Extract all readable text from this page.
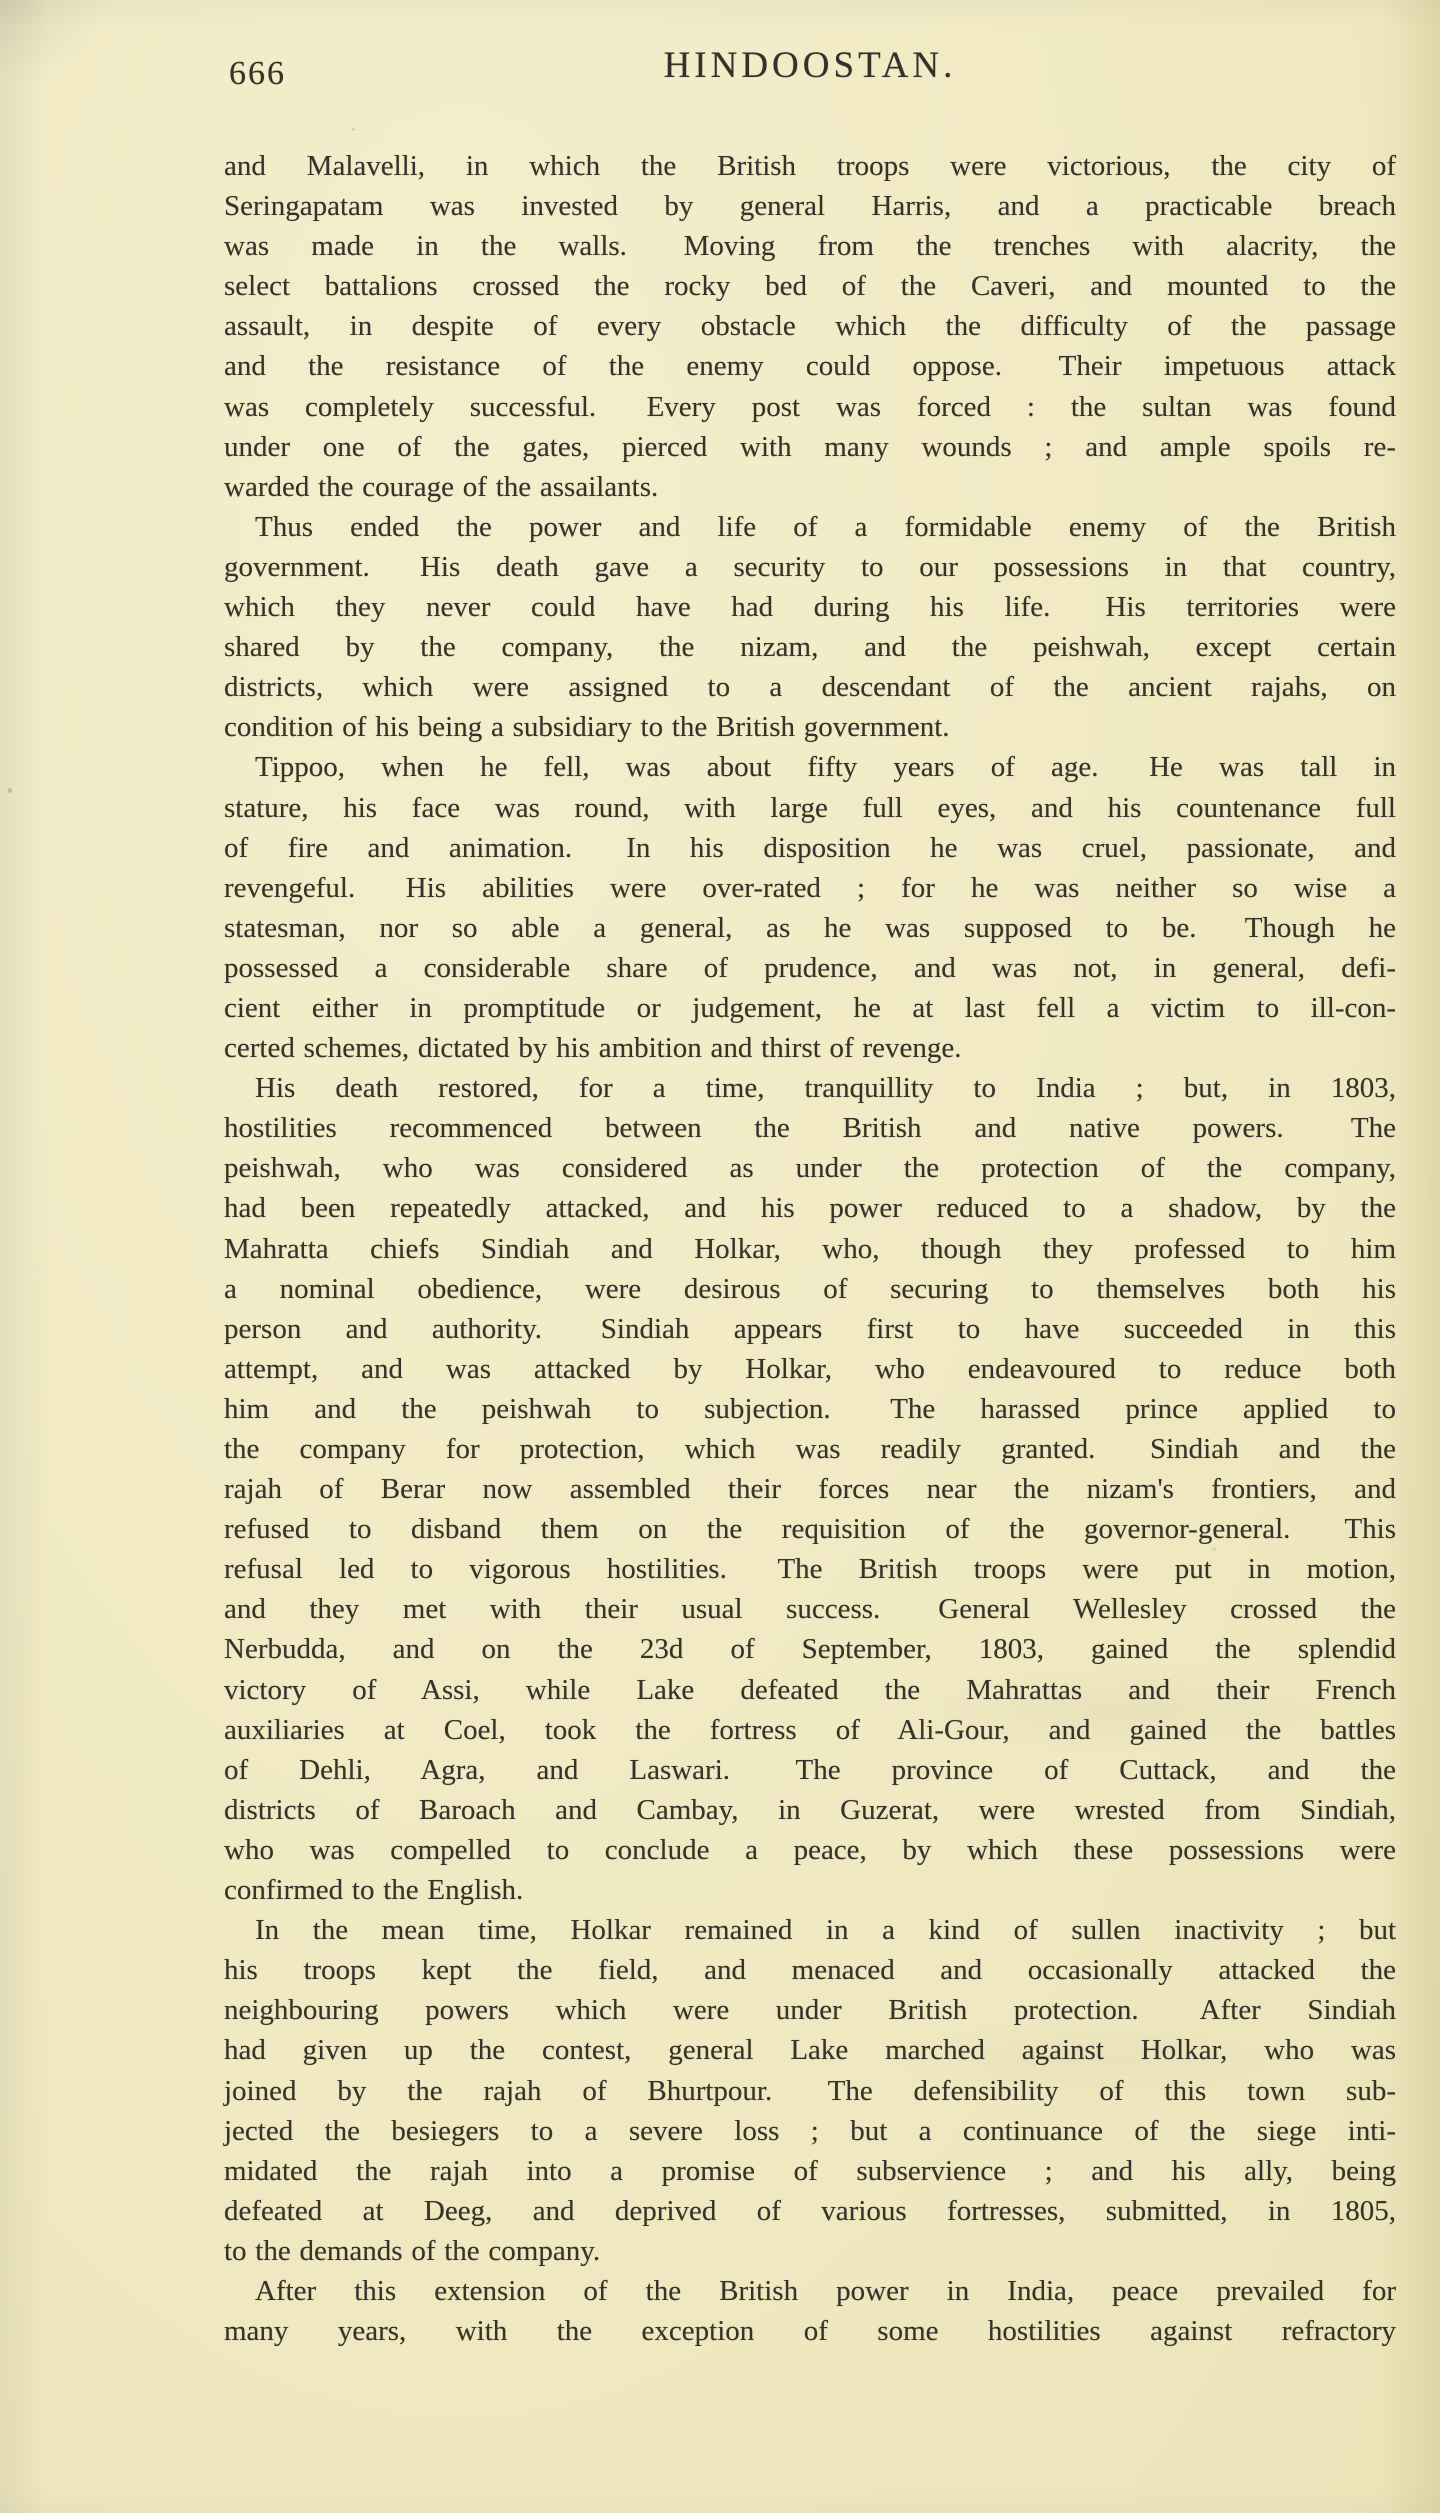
666	HINDOOSTAN.
and Malavelli, in which the British troops were victorious, the city of
Seringapatam was invested by general Harris, and a practicable breach
was made in the walls.  Moving from the trenches with alacrity, the
select battalions crossed the rocky bed of the Caveri, and mounted to the
assault, in despite of every obstacle which the difficulty of the passage
and the resistance of the enemy could oppose.  Their impetuous attack
was completely successful.  Every post was forced : the sultan was found
under one of the gates, pierced with many wounds ; and ample spoils re-
warded the courage of the assailants.
Thus ended the power and life of a formidable enemy of the British
government.  His death gave a security to our possessions in that country,
which they never could have had during his life.  His territories were
shared by the company, the nizam, and the peishwah, except certain
districts, which were assigned to a descendant of the ancient rajahs, on
condition of his being a subsidiary to the British government.
Tippoo, when he fell, was about fifty years of age.  He was tall in
stature, his face was round, with large full eyes, and his countenance full
of fire and animation.  In his disposition he was cruel, passionate, and
revengeful.  His abilities were over-rated ; for he was neither so wise a
statesman, nor so able a general, as he was supposed to be.  Though he
possessed a considerable share of prudence, and was not, in general, defi-
cient either in promptitude or judgement, he at last fell a victim to ill-con-
certed schemes, dictated by his ambition and thirst of revenge.
His death restored, for a time, tranquillity to India ; but, in 1803,
hostilities recommenced between the British and native powers.  The
peishwah, who was considered as under the protection of the company,
had been repeatedly attacked, and his power reduced to a shadow, by the
Mahratta chiefs Sindiah and Holkar, who, though they professed to him
a nominal obedience, were desirous of securing to themselves both his
person and authority.  Sindiah appears first to have succeeded in this
attempt, and was attacked by Holkar, who endeavoured to reduce both
him and the peishwah to subjection.  The harassed prince applied to
the company for protection, which was readily granted.  Sindiah and the
rajah of Berar now assembled their forces near the nizam's frontiers, and
refused to disband them on the requisition of the governor-general.  This
refusal led to vigorous hostilities.  The British troops were put in motion,
and they met with their usual success.  General Wellesley crossed the
Nerbudda, and on the 23d of September, 1803, gained the splendid
victory of Assi, while Lake defeated the Mahrattas and their French
auxiliaries at Coel, took the fortress of Ali-Gour, and gained the battles
of Dehli, Agra, and Laswari.  The province of Cuttack, and the
districts of Baroach and Cambay, in Guzerat, were wrested from Sindiah,
who was compelled to conclude a peace, by which these possessions were
confirmed to the English.
In the mean time, Holkar remained in a kind of sullen inactivity ; but
his troops kept the field, and menaced and occasionally attacked the
neighbouring powers which were under British protection.  After Sindiah
had given up the contest, general Lake marched against Holkar, who was
joined by the rajah of Bhurtpour.  The defensibility of this town sub-
jected the besiegers to a severe loss ; but a continuance of the siege inti-
midated the rajah into a promise of subservience ; and his ally, being
defeated at Deeg, and deprived of various fortresses, submitted, in 1805,
to the demands of the company.
After this extension of the British power in India, peace prevailed for
many years, with the exception of some hostilities against refractory
